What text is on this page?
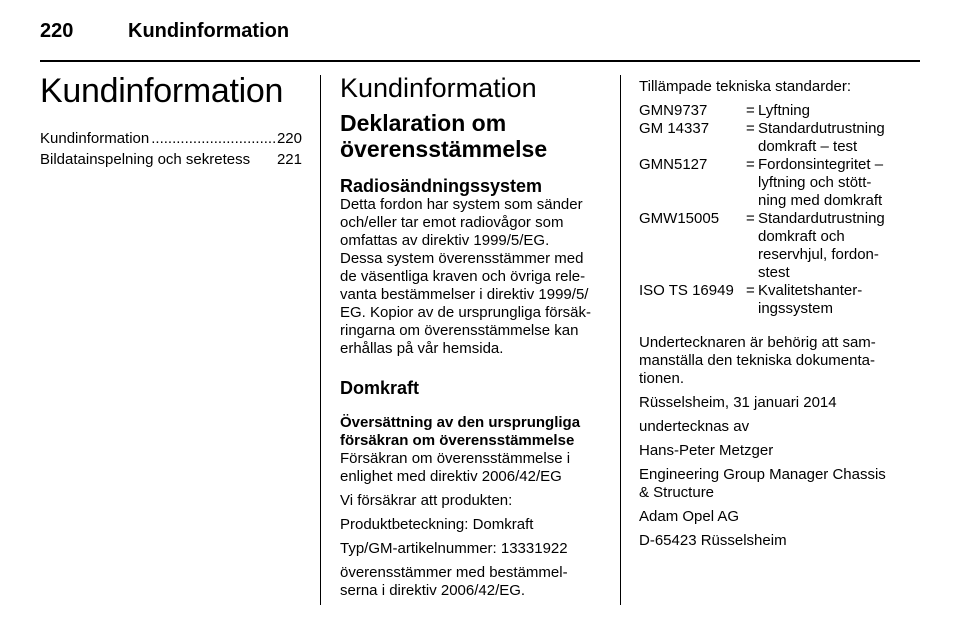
220	Kundinformation
Kundinformation
Kundinformation
.....	220
Bildatainspelning och sekretess 221
Kundinformation
Deklaration om
överensstämmelse
Radiosändningssystem
Detta fordon har system som sänder
och/eller tar emot radiovågor som
omfattas av direktiv 1999/5/EG.
Dessa system överensstämmer med
de väsentliga kraven och övriga rele-
vanta bestämmelser i direktiv 1999/5/
EG. Kopior av de ursprungliga försäk-
ringarna om överensstämmelse kan
erhållas på vår hemsida.
Domkraft
Översättning av den ursprungliga
försäkran om överensstämmelse
Försäkran om överensstämmelse i
enlighet med direktiv 2006/42/EG
Vi försäkrar att produkten:
Produktbeteckning: Domkraft
Typ/GM-artikelnummer: 13331922
överensstämmer med bestämmel-
serna i direktiv 2006/42/EG.
Tillämpade tekniska standarder:
GMN9737	= Lyftning
GM 14337	= Standardutrustning
domkraft – test
GMN5127	= Fordonsintegritet –
lyftning och stött-
ning med domkraft
GMW15005	= Standardutrustning
domkraft och
reservhjul, fordon-
stest
ISO TS 16949 = Kvalitetshanter-
ingssystem
Undertecknaren är behörig att sam-
manställa den tekniska dokumenta-
tionen.
Rüsselsheim, 31 januari 2014
undertecknas av
Hans-Peter Metzger
Engineering Group Manager Chassis
& Structure
Adam Opel AG
D-65423 Rüsselsheim
